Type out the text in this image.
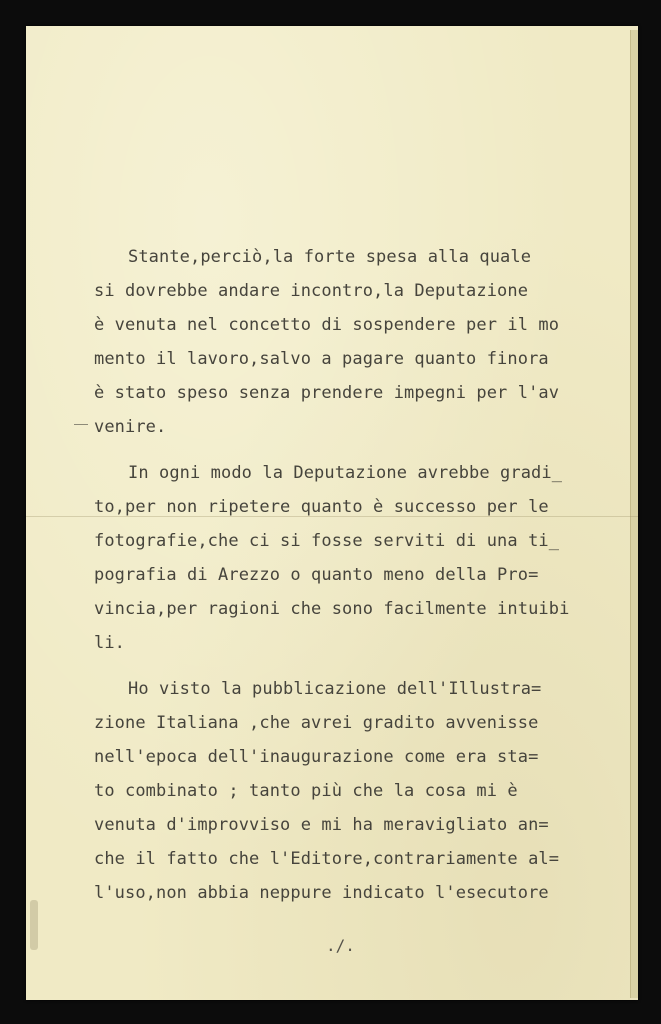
Stante,perciò,la forte spesa alla quale
si dovrebbe andare incontro,la Deputazione
è venuta nel concetto di sospendere per il mo
mento il lavoro,salvo a pagare quanto finora
è stato speso senza prendere impegni per l'av
venire.
In ogni modo la Deputazione avrebbe gradi_
to,per non ripetere quanto è successo per le
fotografie,che ci si fosse serviti di una ti_
pografia di Arezzo o quanto meno della Pro=
vincia,per ragioni che sono facilmente intuibi
li.
Ho visto la pubblicazione dell'Illustra=
zione Italiana ,che avrei gradito avvenisse
nell'epoca dell'inaugurazione come era sta=
to combinato ; tanto più che la cosa mi è
venuta d'improvviso e mi ha meravigliato an=
che il fatto che l'Editore,contrariamente al=
l'uso,non abbia neppure indicato l'esecutore
./.
